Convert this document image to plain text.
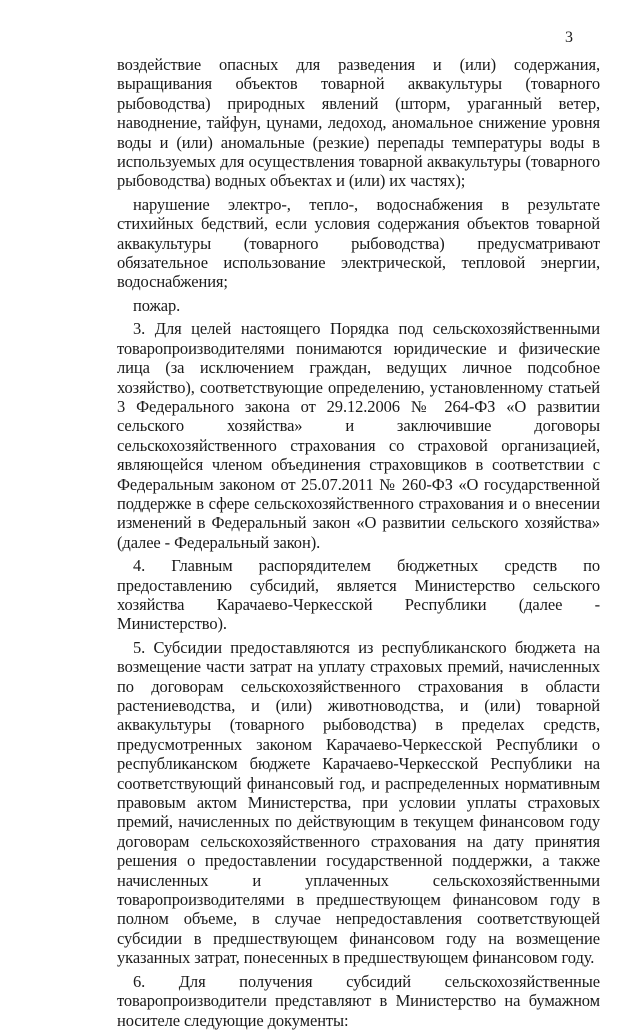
3

воздействие опасных для разведения и (или) содержания, выращивания объектов товарной аквакультуры (товарного рыбоводства) природных явлений (шторм, ураганный ветер, наводнение, тайфун, цунами, ледоход, аномальное снижение уровня воды и (или) аномальные (резкие) перепады температуры воды в используемых для осуществления товарной аквакультуры (товарного рыбоводства) водных объектах и (или) их частях);

нарушение электро-, тепло-, водоснабжения в результате стихийных бедствий, если условия содержания объектов товарной аквакультуры (товарного рыбоводства) предусматривают обязательное использование электрической, тепловой энергии, водоснабжения;

пожар.

3. Для целей настоящего Порядка под сельскохозяйственными товаропроизводителями понимаются юридические и физические лица (за исключением граждан, ведущих личное подсобное хозяйство), соответствующие определению, установленному статьей 3 Федерального закона от 29.12.2006 № 264-ФЗ «О развитии сельского хозяйства» и заключившие договоры сельскохозяйственного страхования со страховой организацией, являющейся членом объединения страховщиков в соответствии с Федеральным законом от 25.07.2011 № 260-ФЗ «О государственной поддержке в сфере сельскохозяйственного страхования и о внесении изменений в Федеральный закон «О развитии сельского хозяйства» (далее - Федеральный закон).

4. Главным распорядителем бюджетных средств по предоставлению субсидий, является Министерство сельского хозяйства Карачаево-Черкесской Республики (далее - Министерство).

5. Субсидии предоставляются из республиканского бюджета на возмещение части затрат на уплату страховых премий, начисленных по договорам сельскохозяйственного страхования в области растениеводства, и (или) животноводства, и (или) товарной аквакультуры (товарного рыбоводства) в пределах средств, предусмотренных законом Карачаево-Черкесской Республики о республиканском бюджете Карачаево-Черкесской Республики на соответствующий финансовый год, и распределенных нормативным правовым актом Министерства, при условии уплаты страховых премий, начисленных по действующим в текущем финансовом году договорам сельскохозяйственного страхования на дату принятия решения о предоставлении государственной поддержки, а также начисленных и уплаченных сельскохозяйственными товаропроизводителями в предшествующем финансовом году в полном объеме, в случае непредоставления соответствующей субсидии в предшествующем финансовом году на возмещение указанных затрат, понесенных в предшествующем финансовом году.

6. Для получения субсидий сельскохозяйственные товаропроизводители представляют в Министерство на бумажном носителе следующие документы:
